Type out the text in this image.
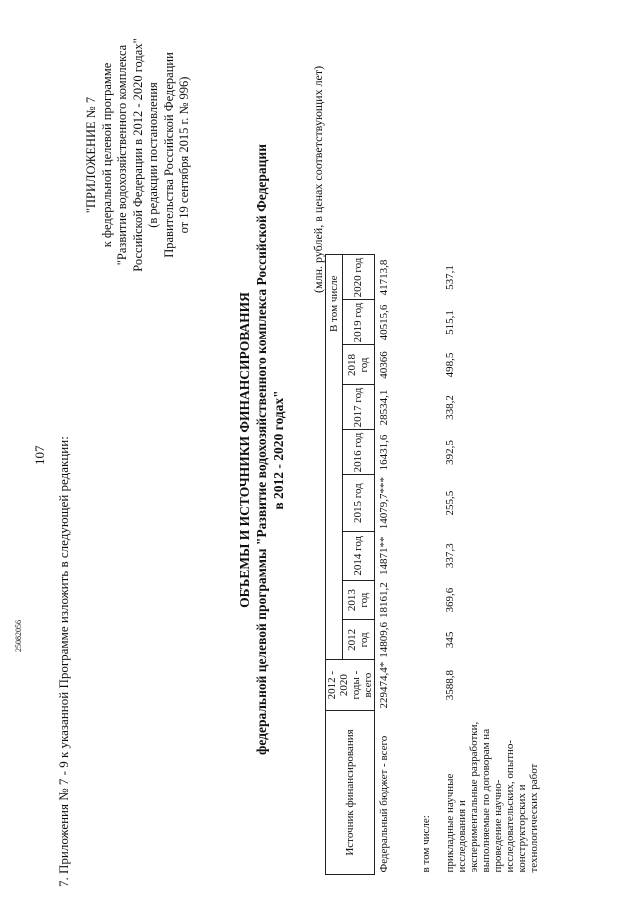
107 7. Приложения № 7 - 9 к указанной Программе изложить в следующей редакции:
"ПРИЛОЖЕНИЕ № 7 к федеральной целевой программе "Развитие водохозяйственного комплекса Российской Федерации в 2012 - 2020 годах" (в редакции постановления Правительства Российской Федерации от 19 сентября 2015 г. № 996)
ОБЪЕМЫ И ИСТОЧНИКИ ФИНАНСИРОВАНИЯ федеральной целевой программы "Развитие водохозяйственного комплекса Российской Федерации в 2012 - 2020 годах"
(млн. рублей, в ценах соответствующих лет)
Источник финансирования	2012 - 2020 годы - всего	В том числе								
		2012 год	2013 год	2014 год	2015 год	2016 год	2017 год	2018 год	2019 год	2020 год
Федеральный бюджет - всего	229474,4*	14809,6	18161,2	14871**	14079,7***	16431,6	28534,1	40366	40515,6	41713,8
в том числе:										
прикладные научные исследования и экспериментальные разработки, выполняемые по договорам на проведение научно-исследовательских, опытно-конструкторских и технологических работ	3588,8	345	369,6	337,3	255,5	392,5	338,2	498,5	515,1	537,1
25082056
